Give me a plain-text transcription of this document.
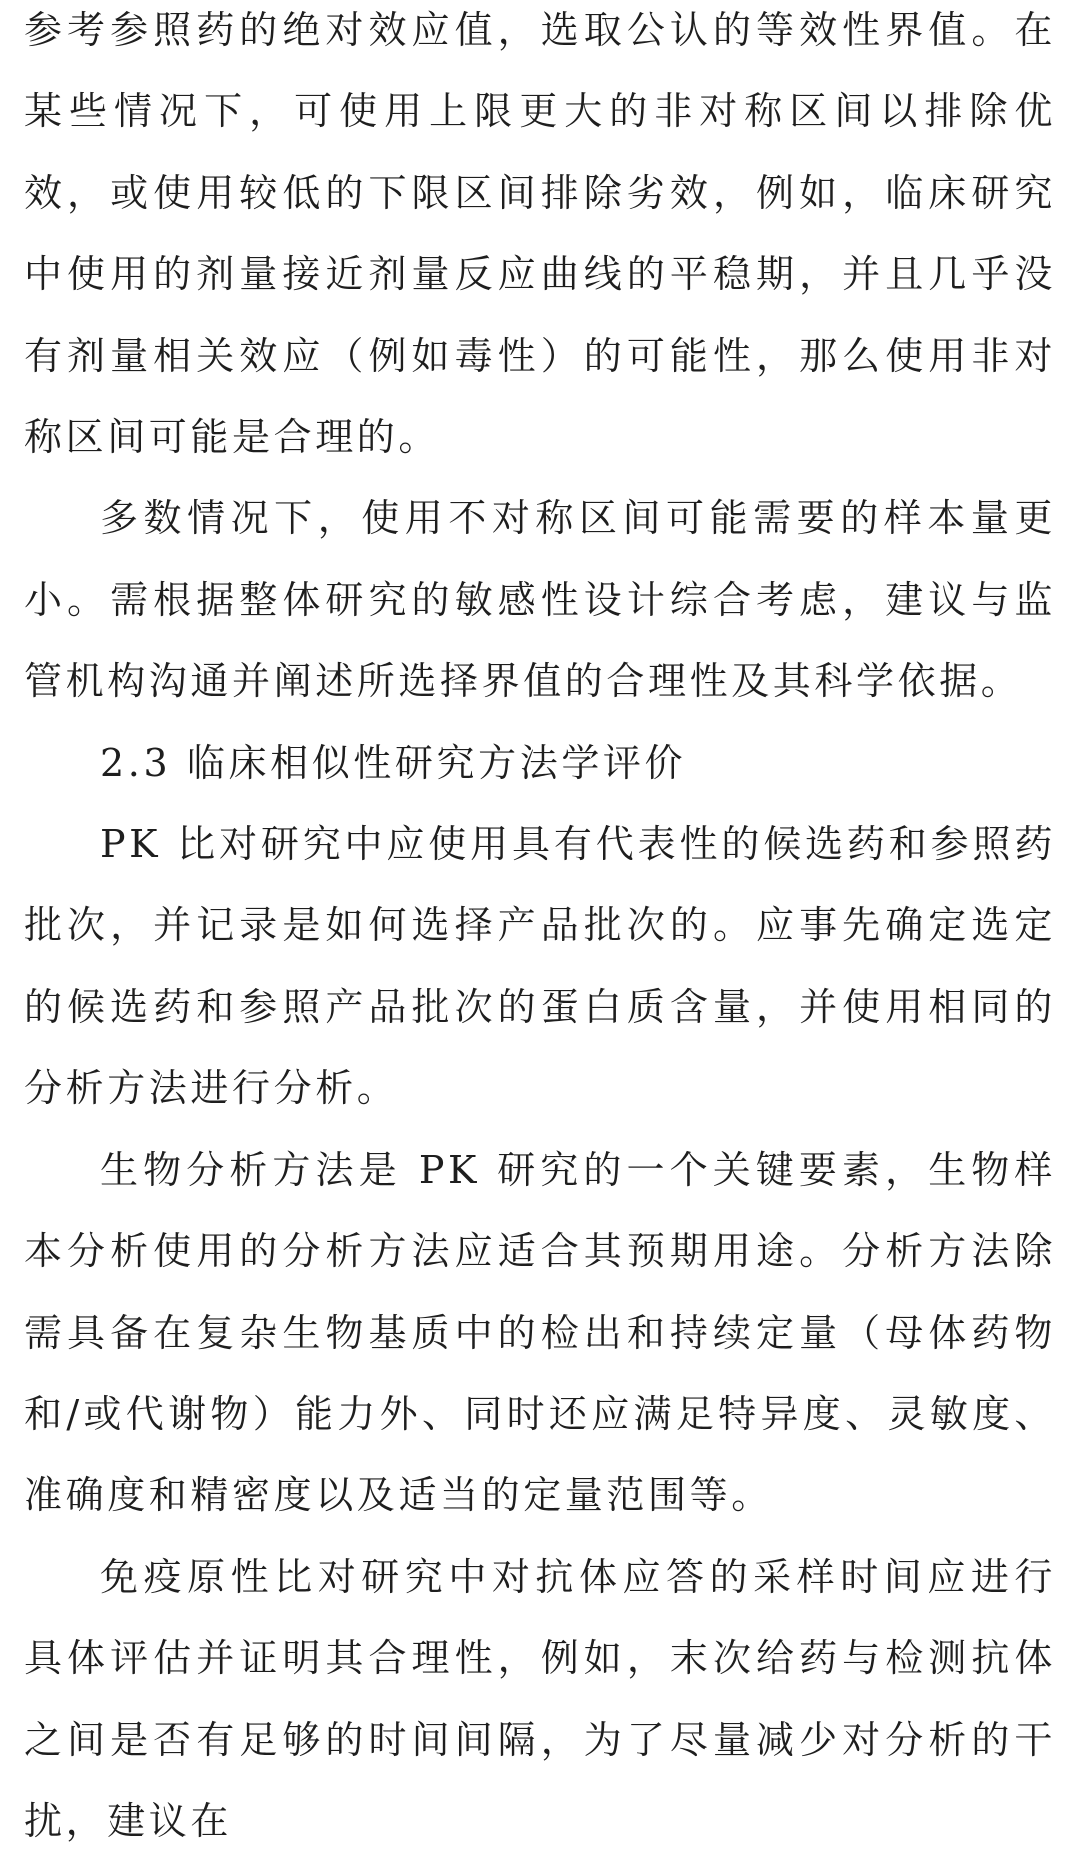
参考参照药的绝对效应值，选取公认的等效性界值。在某些情况下，可使用上限更大的非对称区间以排除优效，或使用较低的下限区间排除劣效，例如，临床研究中使用的剂量接近剂量反应曲线的平稳期，并且几乎没有剂量相关效应（例如毒性）的可能性，那么使用非对称区间可能是合理的。

多数情况下，使用不对称区间可能需要的样本量更小。需根据整体研究的敏感性设计综合考虑，建议与监管机构沟通并阐述所选择界值的合理性及其科学依据。

2.3 临床相似性研究方法学评价

PK 比对研究中应使用具有代表性的候选药和参照药批次，并记录是如何选择产品批次的。应事先确定选定的候选药和参照产品批次的蛋白质含量，并使用相同的分析方法进行分析。

生物分析方法是 PK 研究的一个关键要素，生物样本分析使用的分析方法应适合其预期用途。分析方法除需具备在复杂生物基质中的检出和持续定量（母体药物和/或代谢物）能力外、同时还应满足特异度、灵敏度、准确度和精密度以及适当的定量范围等。

免疫原性比对研究中对抗体应答的采样时间应进行具体评估并证明其合理性，例如，末次给药与检测抗体之间是否有足够的时间间隔，为了尽量减少对分析的干扰，建议在
